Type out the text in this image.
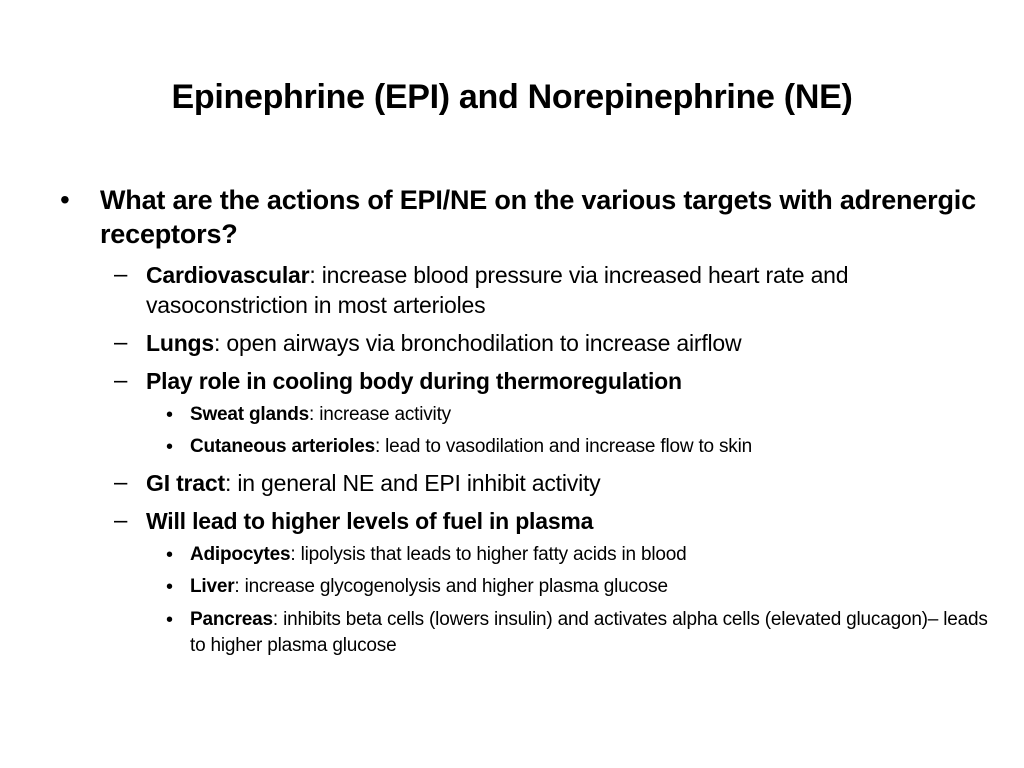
Epinephrine (EPI) and Norepinephrine (NE)
• What are the actions of EPI/NE on the various targets with adrenergic receptors?
– Cardiovascular: increase blood pressure via increased heart rate and vasoconstriction in most arterioles
– Lungs: open airways via bronchodilation to increase airflow
– Play role in cooling body during thermoregulation
• Sweat glands: increase activity
• Cutaneous arterioles: lead to vasodilation and increase flow to skin
– GI tract: in general NE and EPI inhibit activity
– Will lead to higher levels of fuel in plasma
• Adipocytes: lipolysis that leads to higher fatty acids in blood
• Liver: increase glycogenolysis and higher plasma glucose
• Pancreas: inhibits beta cells (lowers insulin) and activates alpha cells (elevated glucagon)– leads to higher plasma glucose
